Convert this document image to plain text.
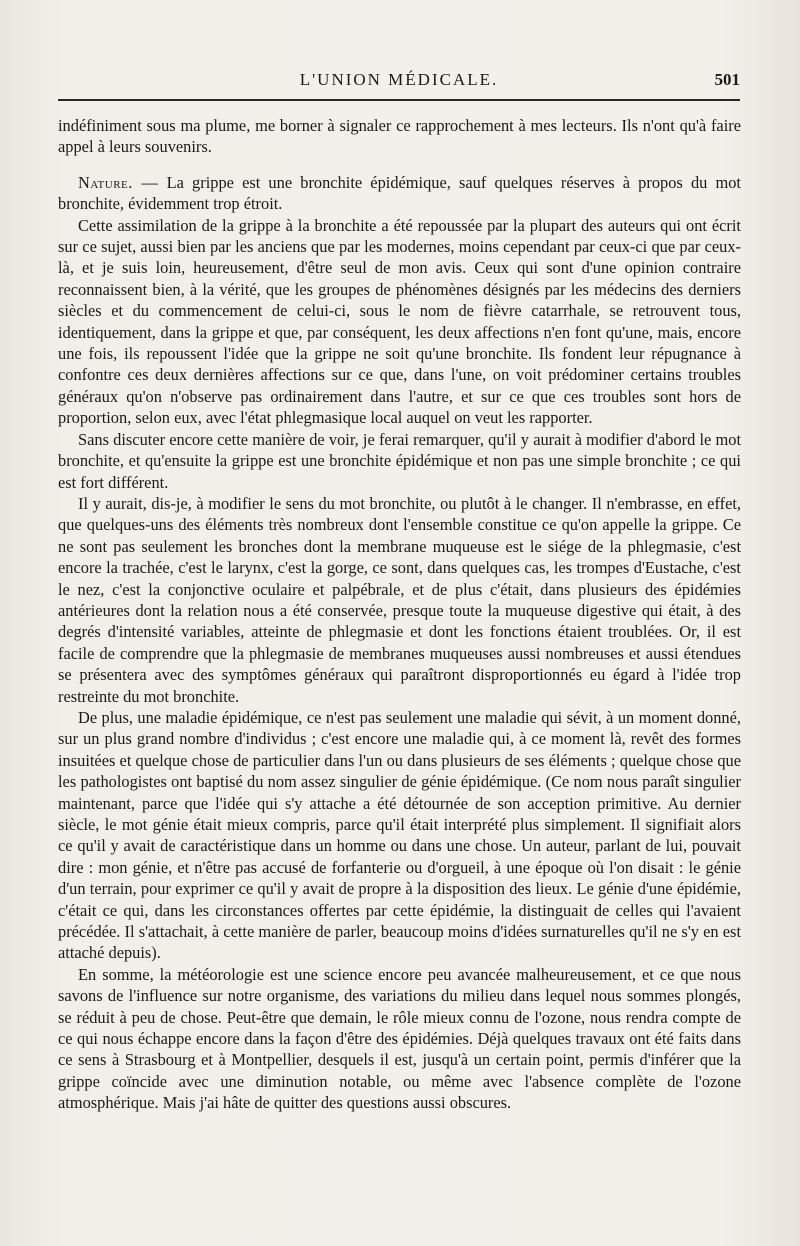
L'UNION MÉDICALE.	501

indéfiniment sous ma plume, me borner à signaler ce rapprochement à mes lecteurs. Ils n'ont qu'à faire appel à leurs souvenirs.

Nature. — La grippe est une bronchite épidémique, sauf quelques réserves à propos du mot bronchite, évidemment trop étroit.

Cette assimilation de la grippe à la bronchite a été repoussée par la plupart des auteurs qui ont écrit sur ce sujet, aussi bien par les anciens que par les modernes, moins cependant par ceux-ci que par ceux-là, et je suis loin, heureusement, d'être seul de mon avis. Ceux qui sont d'une opinion contraire reconnaissent bien, à la vérité, que les groupes de phénomènes désignés par les médecins des derniers siècles et du commencement de celui-ci, sous le nom de fièvre catarrhale, se retrouvent tous, identiquement, dans la grippe et que, par conséquent, les deux affections n'en font qu'une, mais, encore une fois, ils repoussent l'idée que la grippe ne soit qu'une bronchite. Ils fondent leur répugnance à confontre ces deux dernières affections sur ce que, dans l'une, on voit prédominer certains troubles généraux qu'on n'observe pas ordinairement dans l'autre, et sur ce que ces troubles sont hors de proportion, selon eux, avec l'état phlegmasique local auquel on veut les rapporter.

Sans discuter encore cette manière de voir, je ferai remarquer, qu'il y aurait à modifier d'abord le mot bronchite, et qu'ensuite la grippe est une bronchite épidémique et non pas une simple bronchite ; ce qui est fort différent.

Il y aurait, dis-je, à modifier le sens du mot bronchite, ou plutôt à le changer. Il n'embrasse, en effet, que quelques-uns des éléments très nombreux dont l'ensemble constitue ce qu'on appelle la grippe. Ce ne sont pas seulement les bronches dont la membrane muqueuse est le siége de la phlegmasie, c'est encore la trachée, c'est le larynx, c'est la gorge, ce sont, dans quelques cas, les trompes d'Eustache, c'est le nez, c'est la conjonctive oculaire et palpébrale, et de plus c'était, dans plusieurs des épidémies antérieures dont la relation nous a été conservée, presque toute la muqueuse digestive qui était, à des degrés d'intensité variables, atteinte de phlegmasie et dont les fonctions étaient troublées. Or, il est facile de comprendre que la phlegmasie de membranes muqueuses aussi nombreuses et aussi étendues se présentera avec des symptômes généraux qui paraîtront disproportionnés eu égard à l'idée trop restreinte du mot bronchite.

De plus, une maladie épidémique, ce n'est pas seulement une maladie qui sévit, à un moment donné, sur un plus grand nombre d'individus ; c'est encore une maladie qui, à ce moment là, revêt des formes insuitées et quelque chose de particulier dans l'un ou dans plusieurs de ses éléments ; quelque chose que les pathologistes ont baptisé du nom assez singulier de génie épidémique. (Ce nom nous paraît singulier maintenant, parce que l'idée qui s'y attache a été détournée de son acception primitive. Au dernier siècle, le mot génie était mieux compris, parce qu'il était interprété plus simplement. Il signifiait alors ce qu'il y avait de caractéristique dans un homme ou dans une chose. Un auteur, parlant de lui, pouvait dire : mon génie, et n'être pas accusé de forfanterie ou d'orgueil, à une époque où l'on disait : le génie d'un terrain, pour exprimer ce qu'il y avait de propre à la disposition des lieux. Le génie d'une épidémie, c'était ce qui, dans les circonstances offertes par cette épidémie, la distinguait de celles qui l'avaient précédée. Il s'attachait, à cette manière de parler, beaucoup moins d'idées surnaturelles qu'il ne s'y en est attaché depuis).

En somme, la météorologie est une science encore peu avancée malheureusement, et ce que nous savons de l'influence sur notre organisme, des variations du milieu dans lequel nous sommes plongés, se réduit à peu de chose. Peut-être que demain, le rôle mieux connu de l'ozone, nous rendra compte de ce qui nous échappe encore dans la façon d'être des épidémies. Déjà quelques travaux ont été faits dans ce sens à Strasbourg et à Montpellier, desquels il est, jusqu'à un certain point, permis d'inférer que la grippe coïncide avec une diminution notable, ou même avec l'absence complète de l'ozone atmosphérique. Mais j'ai hâte de quitter des questions aussi obscures.
